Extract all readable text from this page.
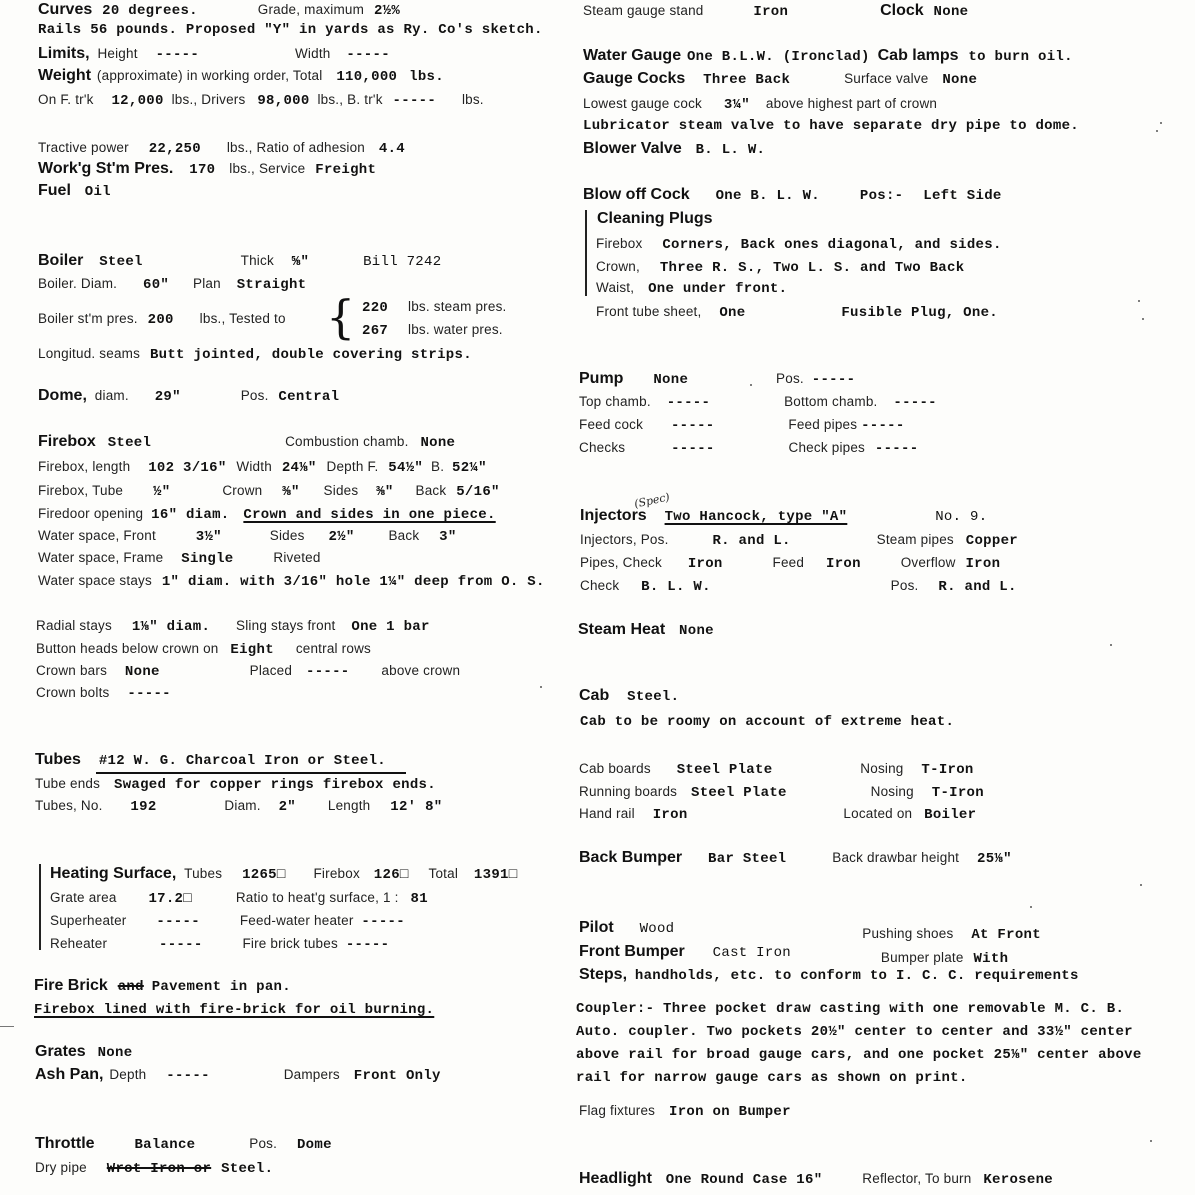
Curves 20 degrees.	Grade, maximum 2½%
Rails 56 pounds. Proposed "Y" in yards as Ry. Co's sketch.
Limits, Height -----	Width -----
Weight (approximate) in working order, Total 110,000 lbs.
On F. tr'k 12,000 lbs., Drivers 98,000 lbs., B. tr'k ----- lbs.
Tractive power 22,250 lbs., Ratio of adhesion 4.4
Work'g St'm Pres. 170 lbs., Service Freight
Fuel Oil
Boiler Steel	Thick ⅝"	Bill 7242
Boiler. Diam. 60" Plan Straight
Boiler st'm pres. 200 lbs., Tested to { 220 lbs. steam pres.
267 lbs. water pres.
Longitud. seams Butt jointed, double covering strips.
Dome, diam. 29"	Pos. Central
Firebox Steel	Combustion chamb. None
Firebox, length 102 3/16" Width 24⅛" Depth F. 54½" B. 52¼"
Firebox, Tube ½"	Crown ⅜" Sides ⅜" Back 5/16"
Firedoor opening 16" diam. Crown and sides in one piece.
Water space, Front	3½"	Sides 2½"	Back 3"
Water space, Frame Single	Riveted
Water space stays 1" diam. with 3/16" hole 1¼" deep from O. S.
Radial stays 1⅛" diam. Sling stays front One 1 bar
Button heads below crown on Eight central rows
Crown bars None	Placed ----- above crown
Crown bolts -----
Tubes #12 W. G. Charcoal Iron or Steel.
Tube ends Swaged for copper rings firebox ends.
Tubes, No. 192	Diam. 2" Length 12' 8"
Heating Surface, Tubes 1265□ Firebox 126□ Total 1391□
Grate area 17.2□	Ratio to heat'g surface, 1 : 81
Superheater -----	Feed-water heater -----
Reheater	-----	Fire brick tubes -----
Fire Brick and Pavement in pan.
Firebox lined with fire-brick for oil burning.
Grates None
Ash Pan, Depth -----	Dampers Front Only
Throttle	Balance	Pos. Dome
Dry pipe Wrot Iron or Steel.
Steam gauge stand	Iron	Clock None
Water Gauge One B.L.W. (Ironclad) Cab lamps to burn oil.
Gauge Cocks Three Back	Surface valve None
Lowest gauge cock 3¼" above highest part of crown
Lubricator steam valve to have separate dry pipe to dome.
Blower Valve B. L. W.
Blow off Cock One B. L. W.	Pos:- Left Side
Cleaning Plugs
Firebox Corners, Back ones diagonal, and sides.
Crown, Three R. S., Two L. S. and Two Back
Waist, One under front.
Front tube sheet, One	Fusible Plug, One.
Pump None	Pos. -----
Top chamb. -----	Bottom chamb. -----
Feed cock -----	Feed pipes -----
Checks	-----	Check pipes -----
(Spec)
Injectors Two Hancock, type "A"	No. 9.
Injectors, Pos.	R. and L.	Steam pipes Copper
Pipes, Check Iron	Feed Iron	Overflow Iron
Check B. L. W.	Pos. R. and L.
Steam Heat None
Cab Steel.
Cab to be roomy on account of extreme heat.
Cab boards Steel Plate	Nosing T-Iron
Running boards Steel Plate	Nosing T-Iron
Hand rail Iron	Located on Boiler
Back Bumper Bar Steel	Back drawbar height 25⅛"
Pilot Wood	Pushing shoes At Front
Front Bumper Cast Iron	Bumper plate With
Steps, handholds, etc. to conform to I. C. C. requirements
Coupler:- Three pocket draw casting with one removable M. C. B.
Auto. coupler. Two pockets 20½" center to center and 33½" center
above rail for broad gauge cars, and one pocket 25⅛" center above
rail for narrow gauge cars as shown on print.
Flag fixtures Iron on Bumper
Headlight One Round Case 16"	Reflector, To burn Kerosene
